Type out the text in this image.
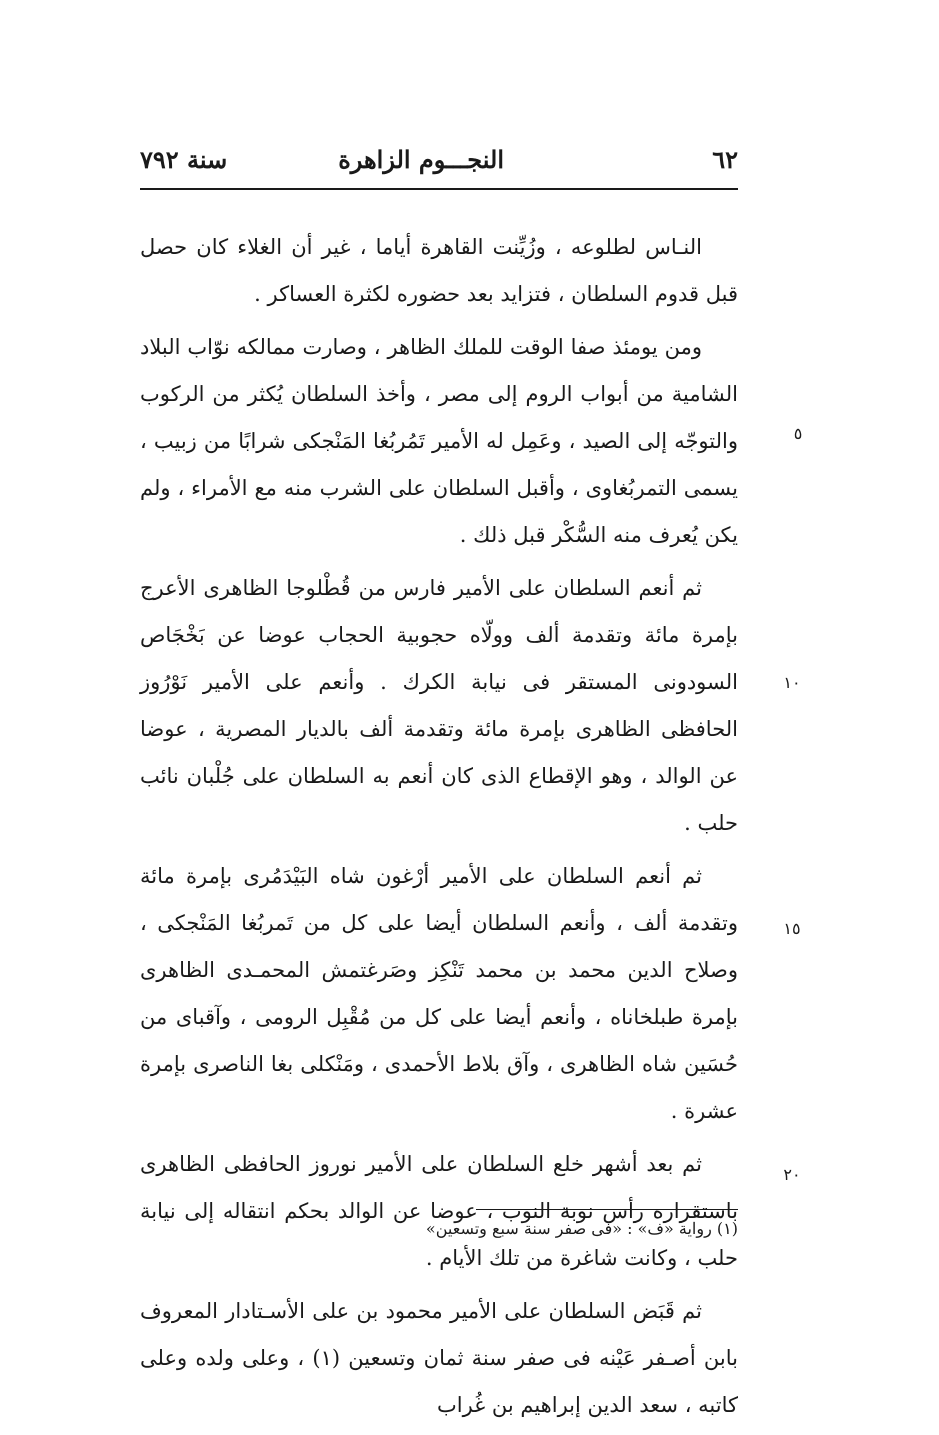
٦٢
النجـــوم الزاهرة
سنة ٧٩٢

النـاس لطلوعه ، وزُيِّنت القاهرة أياما ، غير أن الغلاء كان حصل قبل قدوم السلطان ، فتزايد بعد حضوره لكثرة العساكر .

ومن يومئذ صفا الوقت للملك الظاهر ، وصارت ممالكه نوّاب البلاد الشامية من أبواب الروم إلى مصر ، وأخذ السلطان يُكثر من الركوب والتوجّه إلى الصيد ، وعَمِل له الأمير تَمُربُغا المَنْجكى شرابًا من زبيب ، يسمى التمربُغاوى ، وأقبل السلطان على الشرب منه مع الأمراء ، ولم يكن يُعرف منه السُّكْر قبل ذلك .

ثم أنعم السلطان على الأمير فارس من قُطْلوجا الظاهرى الأعرج بإمرة مائة وتقدمة ألف وولّاه حجوبية الحجاب عوضا عن بَخْجَاص السودونى المستقر فى نيابة الكرك . وأنعم على الأمير نَوْرُوز الحافظى الظاهرى بإمرة مائة وتقدمة ألف بالديار المصرية ، عوضا عن الوالد ، وهو الإقطاع الذى كان أنعم به السلطان على جُلْبان نائب حلب .

ثم أنعم السلطان على الأمير أرْغون شاه البَيْدَمُرى بإمرة مائة وتقدمة ألف ، وأنعم السلطان أيضا على كل من تَمربُغا المَنْجكى ، وصلاح الدين محمد بن محمد تَنْكِز وصَرغتمش المحمـدى الظاهرى بإمرة طبلخاناه ، وأنعم أيضا على كل من مُقْبِل الرومى ، وآقباى من حُسَين شاه الظاهرى ، وآق بلاط الأحمدى ، ومَنْكلى بغا الناصرى بإمرة عشرة .

ثم بعد أشهر خلع السلطان على الأمير نوروز الحافظى الظاهرى باستقراره رأس نوبة النوب ، عوضا عن الوالد بحكم انتقاله إلى نيابة حلب ، وكانت شاغرة من تلك الأيام .

ثم قَبَض السلطان على الأمير محمود بن على الأسـتادار المعروف بابن أصـفر عَيْنه فى صفر سنة ثمان وتسعين (١) ، وعلى ولده وعلى كاتبه ، سعد الدين إبراهيم بن غُراب

٥
١٠
١٥
٢٠
(١) رواية «ف» : «فى صفر سنة سبع وتسعين»
